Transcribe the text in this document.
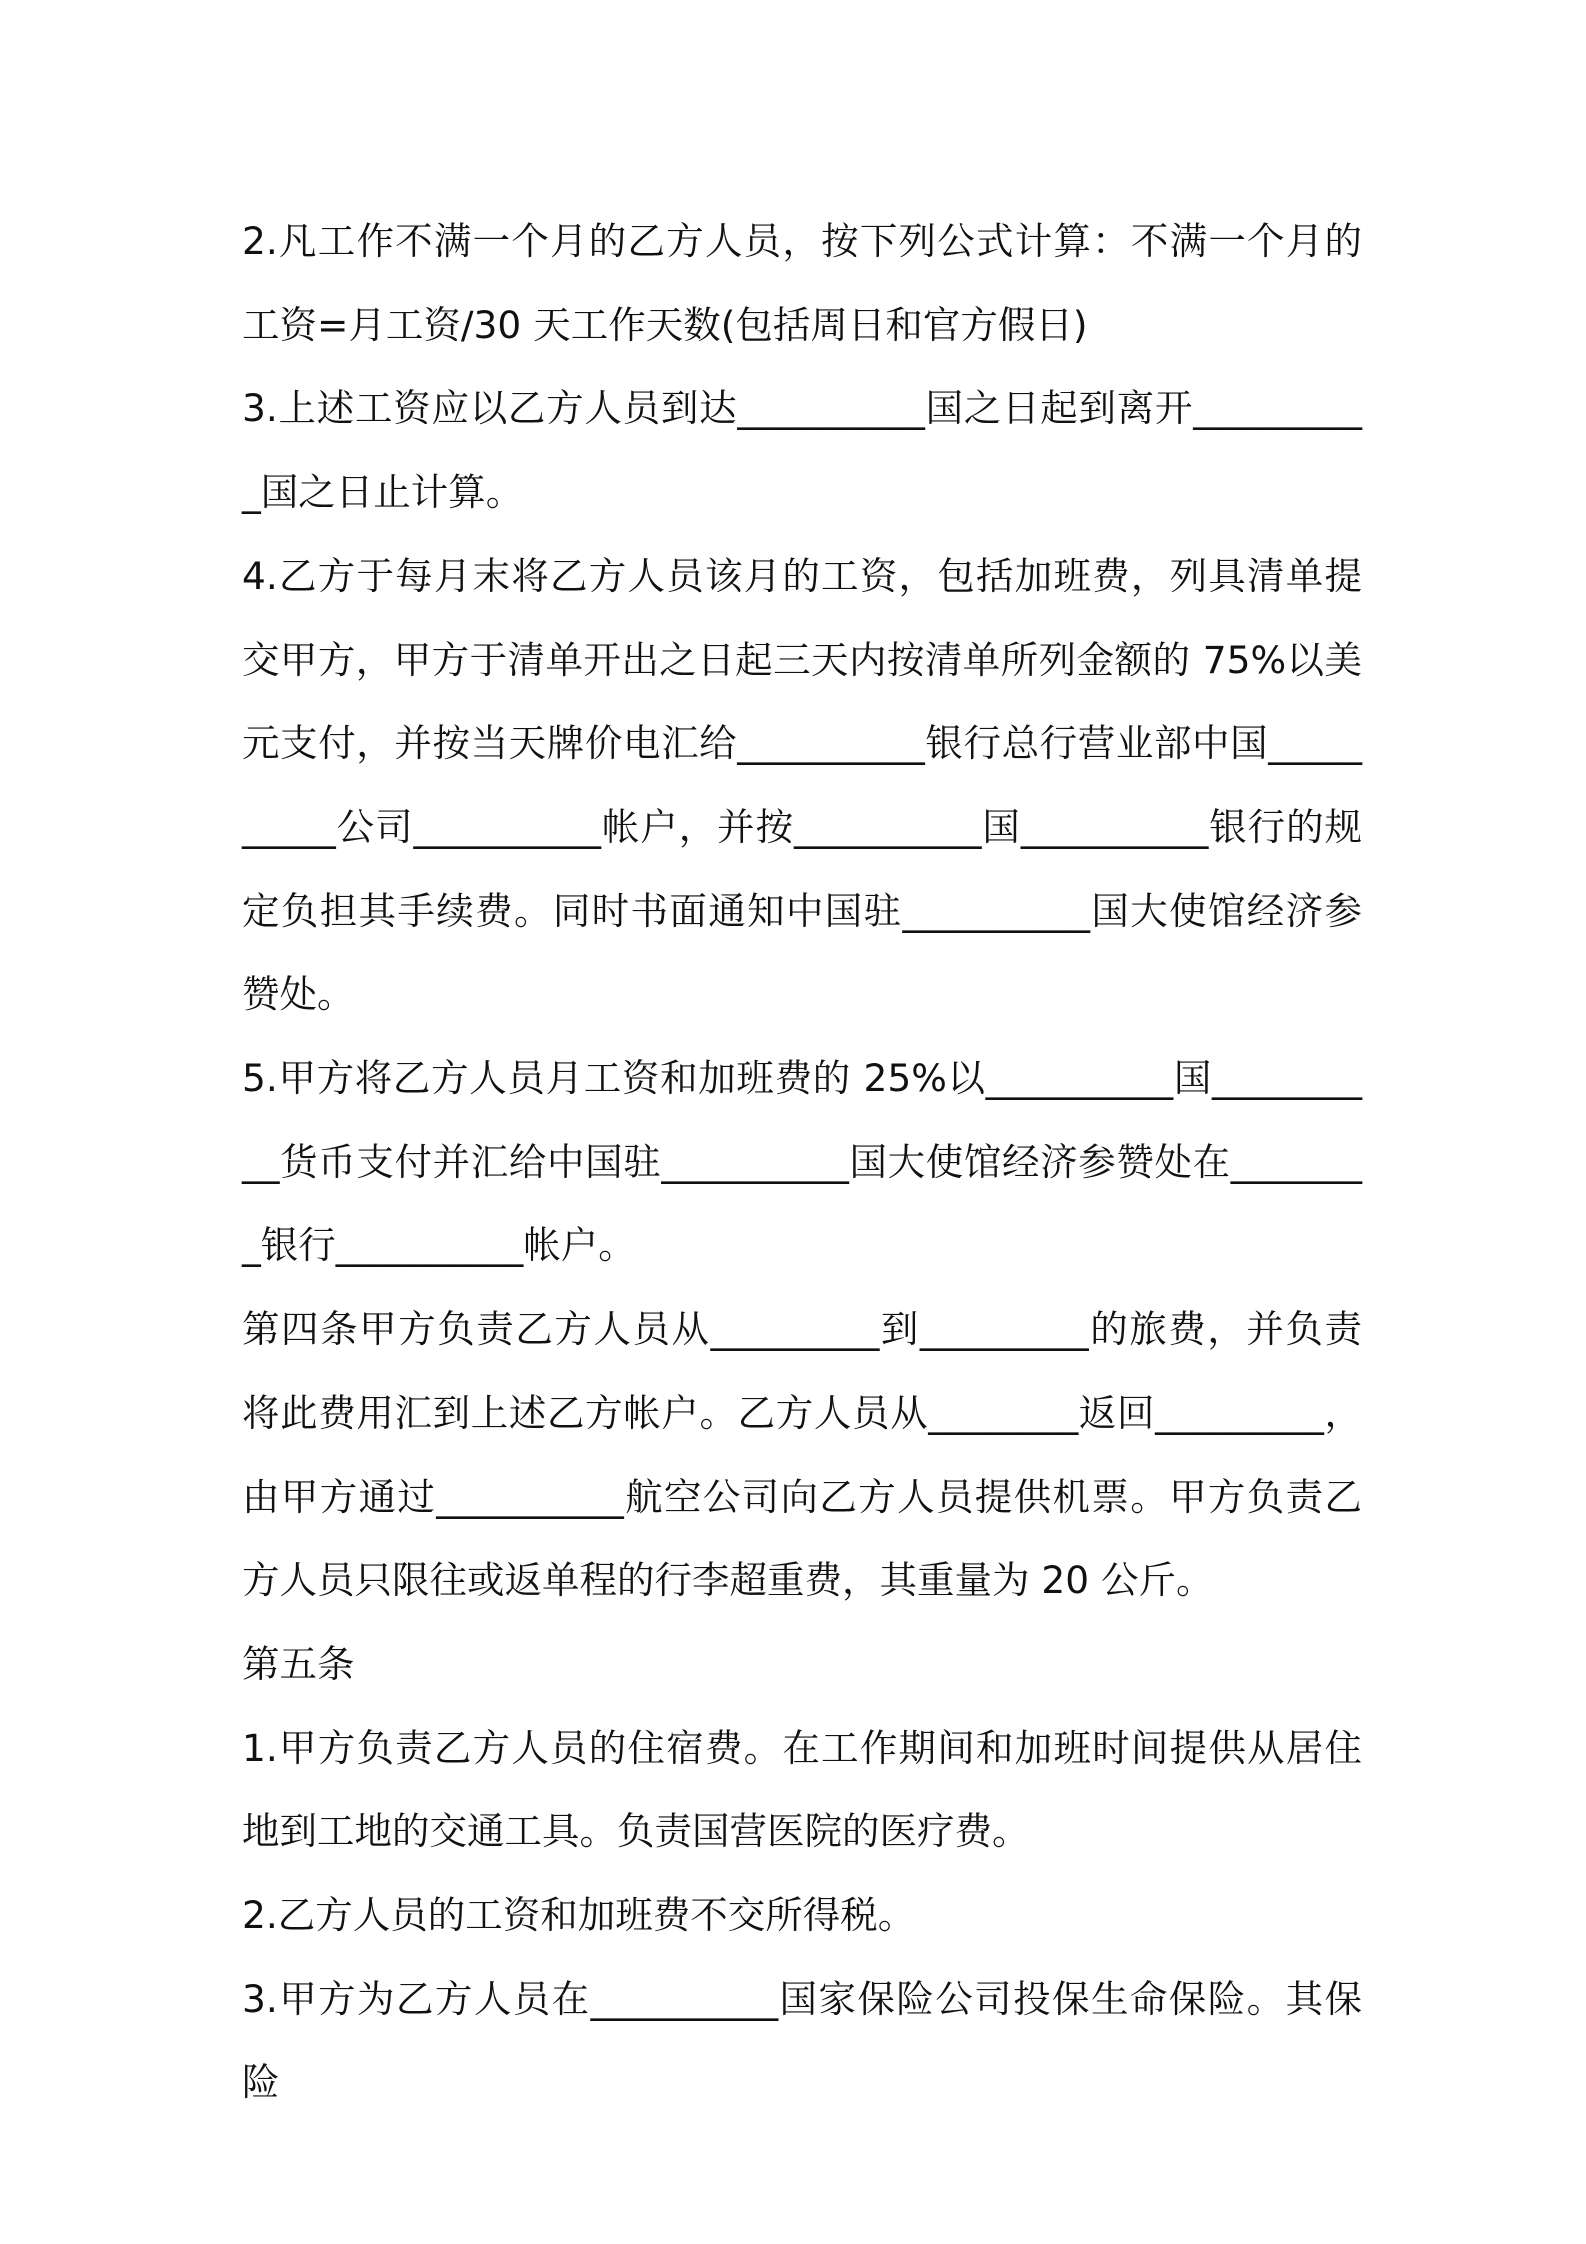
2.凡工作不满一个月的乙方人员，按下列公式计算：不满一个月的工资=月工资/30 天工作天数(包括周日和官方假日)

3.上述工资应以乙方人员到达__________国之日起到离开__________国之日止计算。

4.乙方于每月末将乙方人员该月的工资，包括加班费，列具清单提交甲方，甲方于清单开出之日起三天内按清单所列金额的 75%以美元支付，并按当天牌价电汇给__________银行总行营业部中国__________公司__________帐户，并按__________国__________银行的规定负担其手续费。同时书面通知中国驻__________国大使馆经济参赞处。

5.甲方将乙方人员月工资和加班费的 25%以__________国__________货币支付并汇给中国驻__________国大使馆经济参赞处在________银行__________帐户。

第四条甲方负责乙方人员从_________到_________的旅费，并负责将此费用汇到上述乙方帐户。乙方人员从________返回_________，由甲方通过__________航空公司向乙方人员提供机票。甲方负责乙方人员只限往或返单程的行李超重费，其重量为 20 公斤。

第五条

1.甲方负责乙方人员的住宿费。在工作期间和加班时间提供从居住地到工地的交通工具。负责国营医院的医疗费。

2.乙方人员的工资和加班费不交所得税。

3.甲方为乙方人员在__________国家保险公司投保生命保险。其保险
